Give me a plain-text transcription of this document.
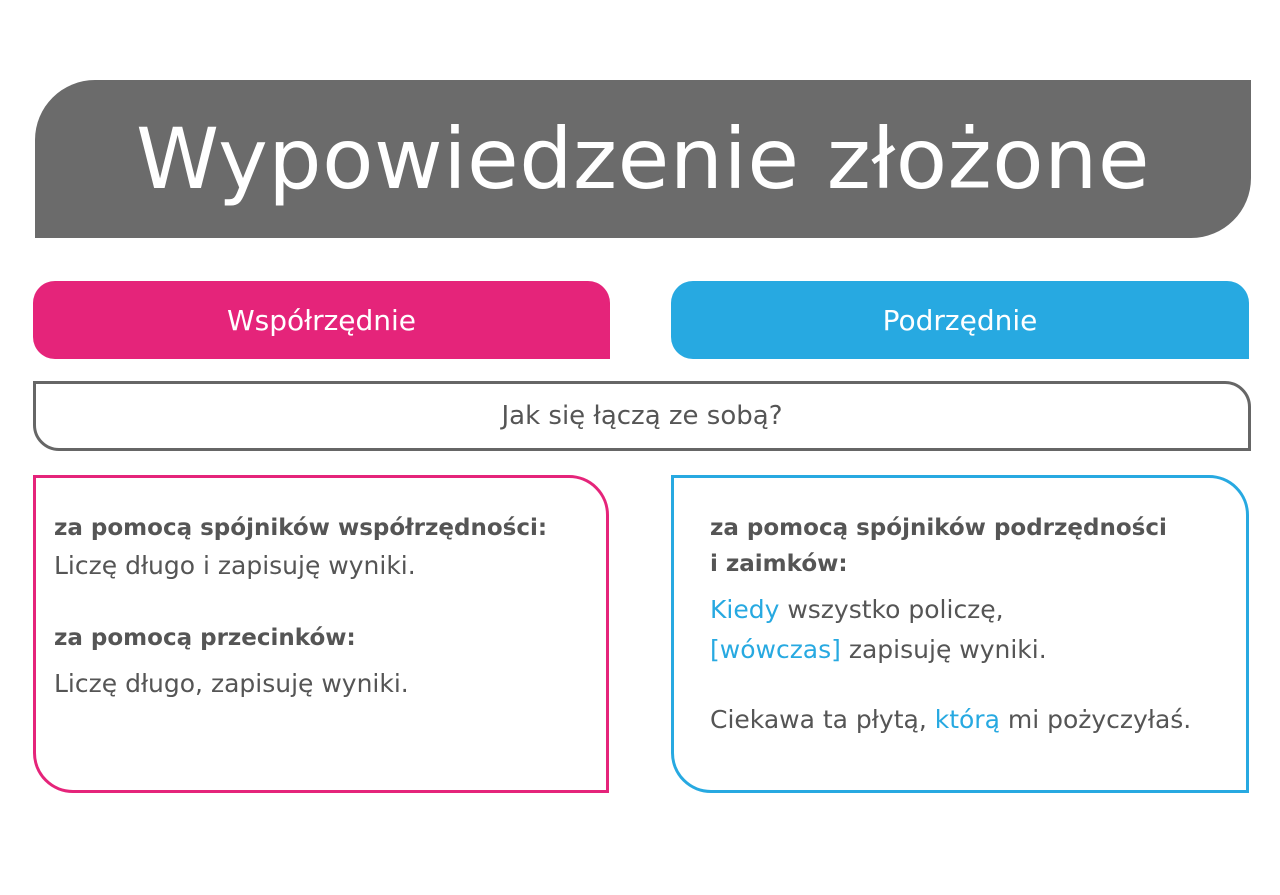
Wypowiedzenie złożone
Współrzędnie	Podrzędnie
Jak się łączą ze sobą?
za pomocą spójników współrzędności:
Liczę długo i zapisuję wyniki.
za pomocą przecinków:
Liczę długo, zapisuję wyniki.
za pomocą spójników podrzędności
i zaimków:
Kiedy wszystko policzę,
[wówczas] zapisuję wyniki.
Ciekawa ta płytą, którą mi pożyczyłaś.
